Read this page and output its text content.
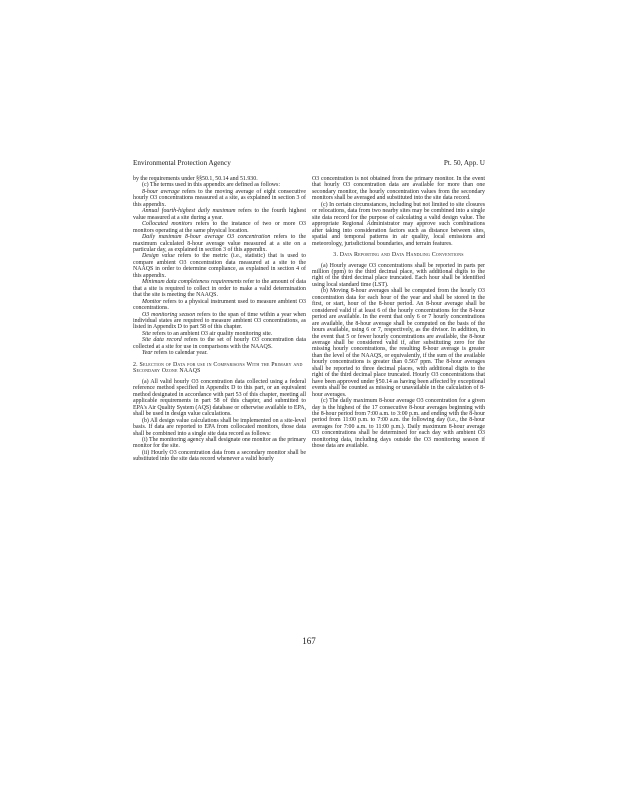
Environmental Protection Agency	Pt. 50, App. U

by the requirements under §§50.1, 50.14 and 51.930.

(c) The terms used in this appendix are defined as follows:

8-hour average refers to the moving average of eight consecutive hourly O3 concentrations measured at a site, as explained in section 3 of this appendix.

Annual fourth-highest daily maximum refers to the fourth highest value measured at a site during a year.

Collocated monitors refers to the instance of two or more O3 monitors operating at the same physical location.

Daily maximum 8-hour average O3 concentration refers to the maximum calculated 8-hour average value measured at a site on a particular day, as explained in section 3 of this appendix.

Design value refers to the metric (i.e., statistic) that is used to compare ambient O3 concentration data measured at a site to the NAAQS in order to determine compliance, as explained in section 4 of this appendix.

Minimum data completeness requirements refer to the amount of data that a site is required to collect in order to make a valid determination that the site is meeting the NAAQS.

Monitor refers to a physical instrument used to measure ambient O3 concentrations.

O3 monitoring season refers to the span of time within a year when individual states are required to measure ambient O3 concentrations, as listed in Appendix D to part 58 of this chapter.

Site refers to an ambient O3 air quality monitoring site.

Site data record refers to the set of hourly O3 concentration data collected at a site for use in comparisons with the NAAQS.

Year refers to calendar year.

2. Selection of Data for use in Comparisons With the Primary and Secondary Ozone NAAQS

(a) All valid hourly O3 concentration data collected using a federal reference method specified in Appendix D to this part, or an equivalent method designated in accordance with part 53 of this chapter, meeting all applicable requirements in part 58 of this chapter, and submitted to EPA's Air Quality System (AQS) database or otherwise available to EPA, shall be used in design value calculations.

(b) All design value calculations shall be implemented on a site-level basis. If data are reported to EPA from collocated monitors, those data shall be combined into a single site data record as follows:

(i) The monitoring agency shall designate one monitor as the primary monitor for the site.

(ii) Hourly O3 concentration data from a secondary monitor shall be substituted into the site data record whenever a valid hourly

O3 concentration is not obtained from the primary monitor. In the event that hourly O3 concentration data are available for more than one secondary monitor, the hourly concentration values from the secondary monitors shall be averaged and substituted into the site data record.

(c) In certain circumstances, including but not limited to site closures or relocations, data from two nearby sites may be combined into a single site data record for the purpose of calculating a valid design value. The appropriate Regional Administrator may approve such combinations after taking into consideration factors such as distance between sites, spatial and temporal patterns in air quality, local emissions and meteorology, jurisdictional boundaries, and terrain features.

3. Data Reporting and Data Handling Conventions

(a) Hourly average O3 concentrations shall be reported in parts per million (ppm) to the third decimal place, with additional digits to the right of the third decimal place truncated. Each hour shall be identified using local standard time (LST).

(b) Moving 8-hour averages shall be computed from the hourly O3 concentration data for each hour of the year and shall be stored in the first, or start, hour of the 8-hour period. An 8-hour average shall be considered valid if at least 6 of the hourly concentrations for the 8-hour period are available. In the event that only 6 or 7 hourly concentrations are available, the 8-hour average shall be computed on the basis of the hours available, using 6 or 7, respectively, as the divisor. In addition, in the event that 5 or fewer hourly concentrations are available, the 8-hour average shall be considered valid if, after substituting zero for the missing hourly concentrations, the resulting 8-hour average is greater than the level of the NAAQS, or equivalently, if the sum of the available hourly concentrations is greater than 0.567 ppm. The 8-hour averages shall be reported to three decimal places, with additional digits to the right of the third decimal place truncated. Hourly O3 concentrations that have been approved under §50.14 as having been affected by exceptional events shall be counted as missing or unavailable in the calculation of 8-hour averages.

(c) The daily maximum 8-hour average O3 concentration for a given day is the highest of the 17 consecutive 8-hour averages beginning with the 8-hour period from 7:00 a.m. to 3:00 p.m. and ending with the 8-hour period from 11:00 p.m. to 7:00 a.m. the following day (i.e., the 8-hour averages for 7:00 a.m. to 11:00 p.m.). Daily maximum 8-hour average O3 concentrations shall be determined for each day with ambient O3 monitoring data, including days outside the O3 monitoring season if those data are available.

167
